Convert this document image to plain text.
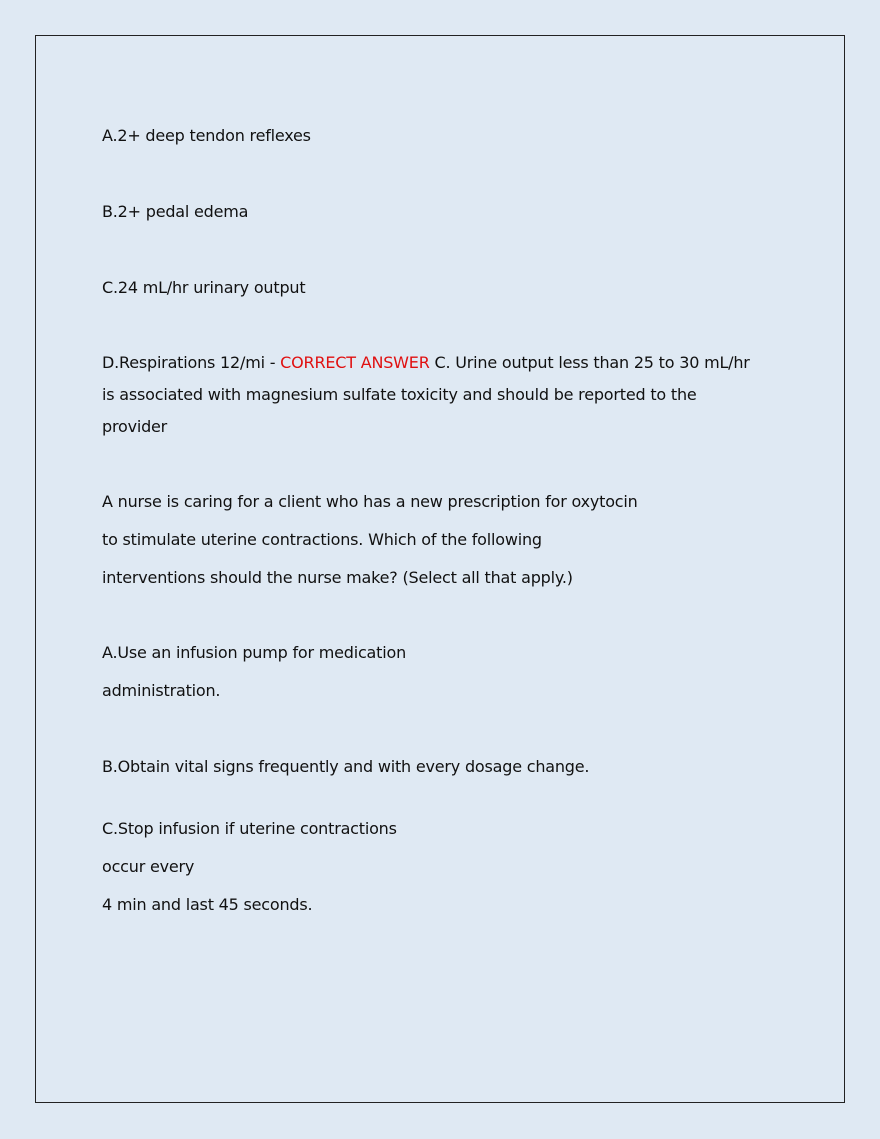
A.2+ deep tendon reflexes
B.2+ pedal edema
C.24 mL/hr urinary output
D.Respirations 12/mi - CORRECT ANSWER C. Urine output less than 25 to 30 mL/hr
is associated with magnesium sulfate toxicity and should be reported to the
provider
A nurse is caring for a client who has a new prescription for oxytocin
to stimulate uterine contractions. Which of the following
interventions should the nurse make? (Select all that apply.)
A.Use an infusion pump for medication
administration.
B.Obtain vital signs frequently and with every dosage change.
C.Stop infusion if uterine contractions
occur every
4 min and last 45 seconds.
